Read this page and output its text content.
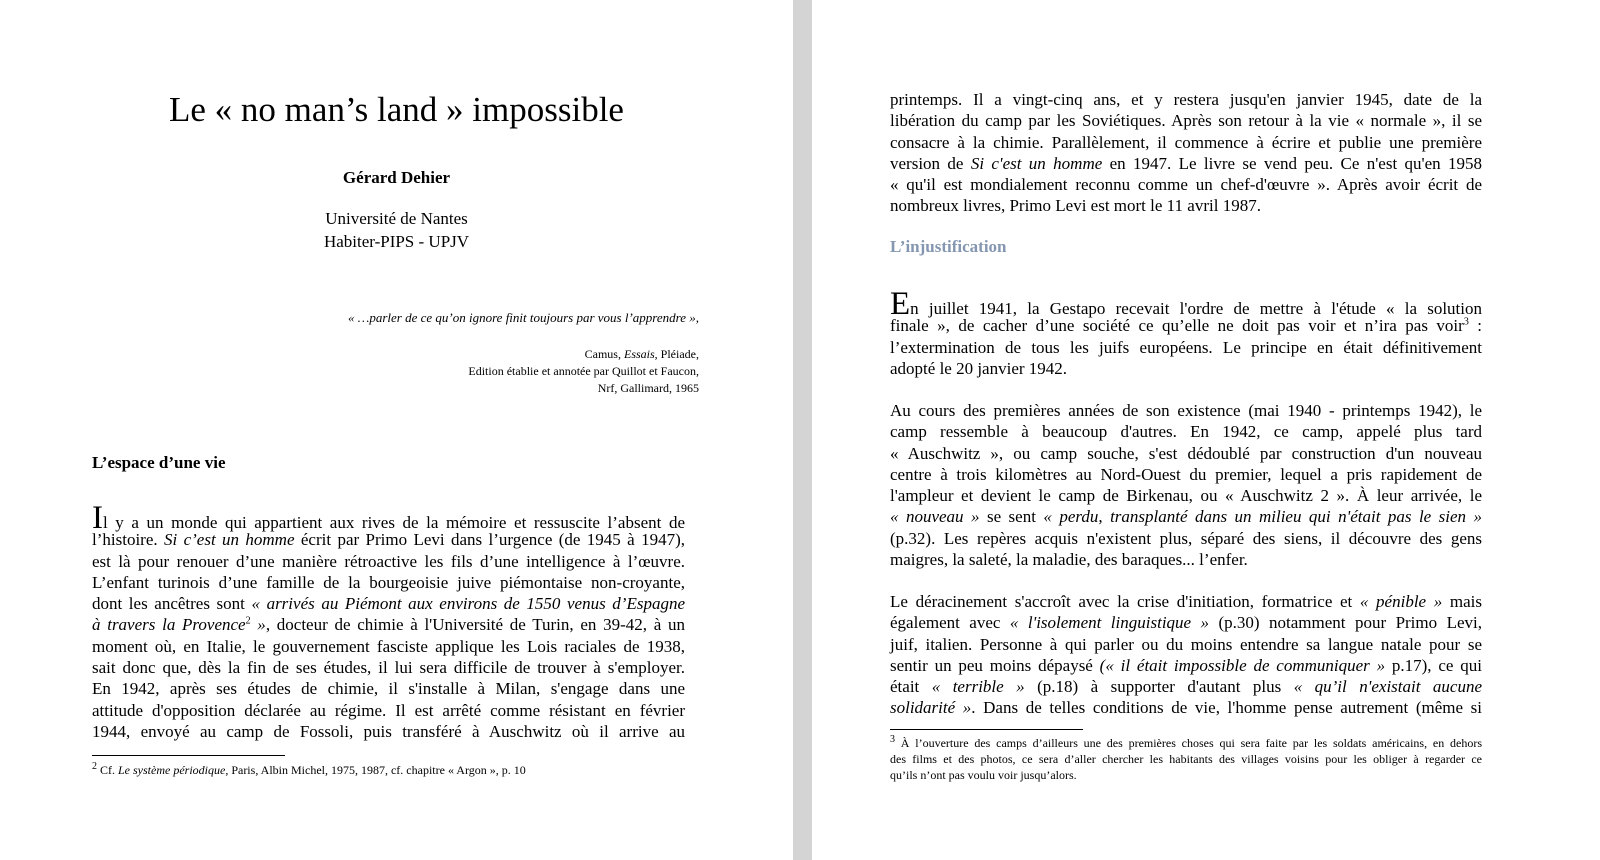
Le « no man’s land » impossible
Gérard Dehier
Université de Nantes
Habiter-PIPS - UPJV
« …parler de ce qu’on ignore finit toujours par vous l’apprendre »,
Camus, Essais, Pléiade,
Edition établie et annotée par Quillot et Faucon,
Nrf, Gallimard, 1965
L’espace d’une vie
Il y a un monde qui appartient aux rives de la mémoire et ressuscite l’absent de
l’histoire. Si c’est un homme écrit par Primo Levi dans l’urgence (de 1945 à 1947),
est là pour renouer d’une manière rétroactive les fils d’une intelligence à l’œuvre.
L’enfant turinois d’une famille de la bourgeoisie juive piémontaise non-croyante,
dont les ancêtres sont « arrivés au Piémont aux environs de 1550 venus d’Espagne
à travers la Provence$^2$ », docteur de chimie à l'Université de Turin, en 39-42, à un
moment où, en Italie, le gouvernement fasciste applique les Lois raciales de 1938,
sait donc que, dès la fin de ses études, il lui sera difficile de trouver à s'employer.
En 1942, après ses études de chimie, il s'installe à Milan, s'engage dans une
attitude d'opposition déclarée au régime. Il est arrêté comme résistant en février
1944, envoyé au camp de Fossoli, puis transféré à Auschwitz où il arrive au
$^2$ Cf. Le système périodique, Paris, Albin Michel, 1975, 1987, cf. chapitre « Argon », p. 10
printemps. Il a vingt-cinq ans, et y restera jusqu'en janvier 1945, date de la
libération du camp par les Soviétiques. Après son retour à la vie « normale », il se
consacre à la chimie. Parallèlement, il commence à écrire et publie une première
version de Si c'est un homme en 1947. Le livre se vend peu. Ce n'est qu'en 1958
« qu'il est mondialement reconnu comme un chef-d'œuvre ». Après avoir écrit de
nombreux livres, Primo Levi est mort le 11 avril 1987.
L’injustification
En juillet 1941, la Gestapo recevait l'ordre de mettre à l'étude « la solution
finale », de cacher d’une société ce qu’elle ne doit pas voir et n’ira pas voir$^3$ :
l’extermination de tous les juifs européens. Le principe en était définitivement
adopté le 20 janvier 1942.
Au cours des premières années de son existence (mai 1940 - printemps 1942), le
camp ressemble à beaucoup d'autres. En 1942, ce camp, appelé plus tard
« Auschwitz », ou camp souche, s'est dédoublé par construction d'un nouveau
centre à trois kilomètres au Nord-Ouest du premier, lequel a pris rapidement de
l'ampleur et devient le camp de Birkenau, ou « Auschwitz 2 ». À leur arrivée, le
« nouveau » se sent « perdu, transplanté dans un milieu qui n'était pas le sien »
(p.32). Les repères acquis n'existent plus, séparé des siens, il découvre des gens
maigres, la saleté, la maladie, des baraques... l’enfer.
Le déracinement s'accroît avec la crise d'initiation, formatrice et « pénible » mais
également avec « l'isolement linguistique » (p.30) notamment pour Primo Levi,
juif, italien. Personne à qui parler ou du moins entendre sa langue natale pour se
sentir un peu moins dépaysé (« il était impossible de communiquer » p.17), ce qui
était « terrible » (p.18) à supporter d'autant plus « qu’il n'existait aucune
solidarité ». Dans de telles conditions de vie, l'homme pense autrement (même si
$^3$ À l’ouverture des camps d’ailleurs une des premières choses qui sera faite par les soldats américains, en dehors
des films et des photos, ce sera d’aller chercher les habitants des villages voisins pour les obliger à regarder ce
qu’ils n’ont pas voulu voir jusqu’alors.
